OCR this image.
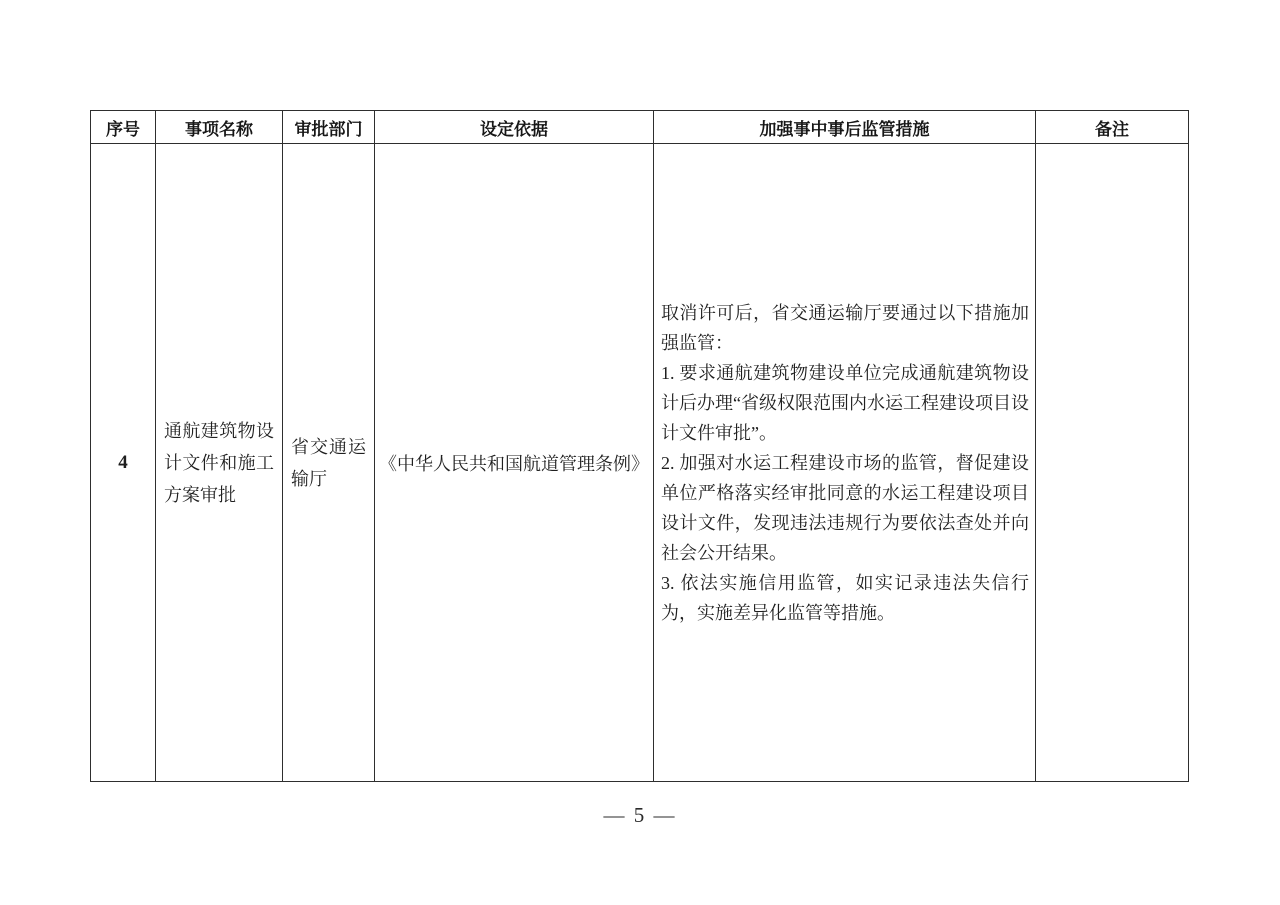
序号	事项名称	审批部门	设定依据	加强事中事后监管措施	备注
4	通航建筑物设计文件和施工方案审批	省交通运输厅	《中华人民共和国航道管理条例》	取消许可后，省交通运输厅要通过以下措施加强监管：

1. 要求通航建筑物建设单位完成通航建筑物设计后办理“省级权限范围内水运工程建设项目设计文件审批”。

2. 加强对水运工程建设市场的监管，督促建设单位严格落实经审批同意的水运工程建设项目设计文件，发现违法违规行为要依法查处并向社会公开结果。

3. 依法实施信用监管，如实记录违法失信行为，实施差异化监管等措施。	

— 5 —
